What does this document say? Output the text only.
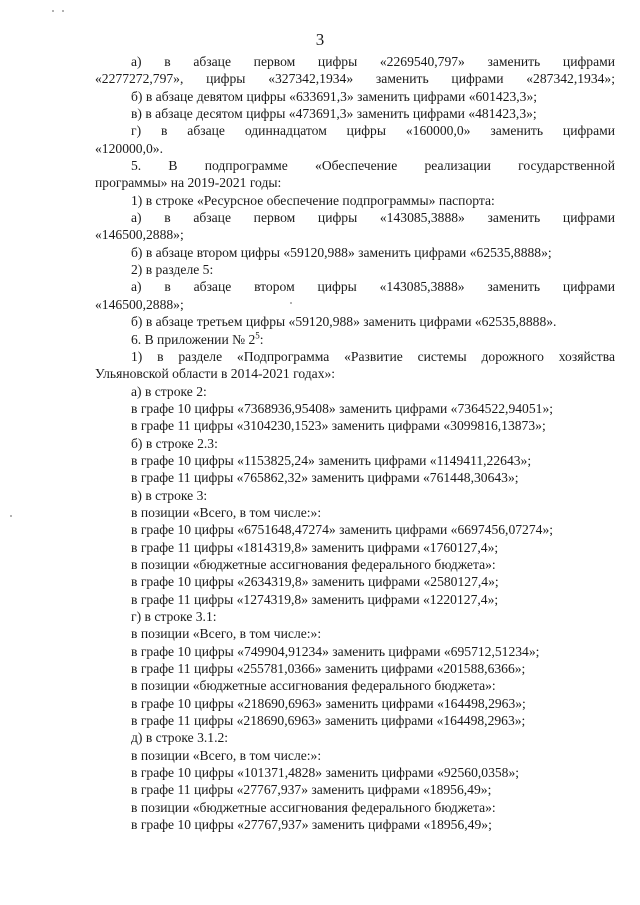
3

а) в абзаце первом цифры «2269540,797» заменить цифрами

«2277272,797», цифры «327342,1934» заменить цифрами «287342,1934»;

б) в абзаце девятом цифры «633691,3» заменить цифрами «601423,3»;

в) в абзаце десятом цифры «473691,3» заменить цифрами «481423,3»;

г) в абзаце одиннадцатом цифры «160000,0» заменить цифрами

«120000,0».

5. В подпрограмме «Обеспечение реализации государственной

программы» на 2019-2021 годы:

1) в строке «Ресурсное обеспечение подпрограммы» паспорта:

а) в абзаце первом цифры «143085,3888» заменить цифрами

«146500,2888»;

б) в абзаце втором цифры «59120,988» заменить цифрами «62535,8888»;

2) в разделе 5:

а) в абзаце втором цифры «143085,3888» заменить цифрами

«146500,2888»;

б) в абзаце третьем цифры «59120,988» заменить цифрами «62535,8888».

6. В приложении № $2^5$:

1) в разделе «Подпрограмма «Развитие системы дорожного хозяйства

Ульяновской области в 2014-2021 годах»:

а) в строке 2:

в графе 10 цифры «7368936,95408» заменить цифрами «7364522,94051»;

в графе 11 цифры «3104230,1523» заменить цифрами «3099816,13873»;

б) в строке 2.3:

в графе 10 цифры «1153825,24» заменить цифрами «1149411,22643»;

в графе 11 цифры «765862,32» заменить цифрами «761448,30643»;

в) в строке 3:

в позиции «Всего, в том числе:»:

в графе 10 цифры «6751648,47274» заменить цифрами «6697456,07274»;

в графе 11 цифры «1814319,8» заменить цифрами «1760127,4»;

в позиции «бюджетные ассигнования федерального бюджета»:

в графе 10 цифры «2634319,8» заменить цифрами «2580127,4»;

в графе 11 цифры «1274319,8» заменить цифрами «1220127,4»;

г) в строке 3.1:

в позиции «Всего, в том числе:»:

в графе 10 цифры «749904,91234» заменить цифрами «695712,51234»;

в графе 11 цифры «255781,0366» заменить цифрами «201588,6366»;

в позиции «бюджетные ассигнования федерального бюджета»:

в графе 10 цифры «218690,6963» заменить цифрами «164498,2963»;

в графе 11 цифры «218690,6963» заменить цифрами «164498,2963»;

д) в строке 3.1.2:

в позиции «Всего, в том числе:»:

в графе 10 цифры «101371,4828» заменить цифрами «92560,0358»;

в графе 11 цифры «27767,937» заменить цифрами «18956,49»;

в позиции «бюджетные ассигнования федерального бюджета»:

в графе 10 цифры «27767,937» заменить цифрами «18956,49»;
